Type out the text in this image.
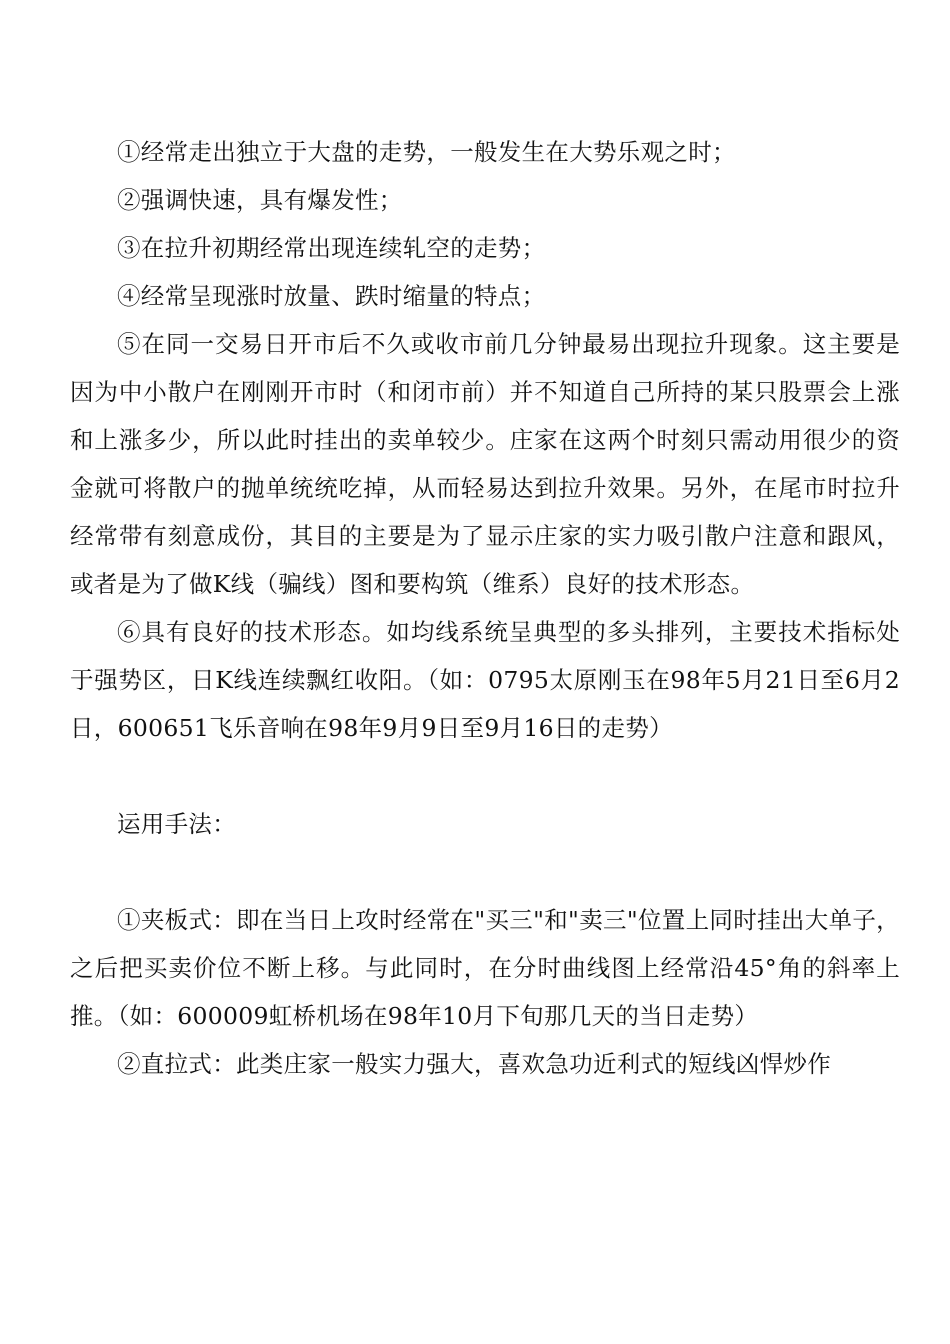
①经常走出独立于大盘的走势，一般发生在大势乐观之时；

②强调快速，具有爆发性；

③在拉升初期经常出现连续轧空的走势；

④经常呈现涨时放量、跌时缩量的特点；

⑤在同一交易日开市后不久或收市前几分钟最易出现拉升现象。这主要是因为中小散户在刚刚开市时（和闭市前）并不知道自己所持的某只股票会上涨和上涨多少，所以此时挂出的卖单较少。庄家在这两个时刻只需动用很少的资金就可将散户的抛单统统吃掉，从而轻易达到拉升效果。另外，在尾市时拉升经常带有刻意成份，其目的主要是为了显示庄家的实力吸引散户注意和跟风，或者是为了做K线（骗线）图和要构筑（维系）良好的技术形态。

⑥具有良好的技术形态。如均线系统呈典型的多头排列，主要技术指标处于强势区，日K线连续飘红收阳。（如：0795太原刚玉在98年5月21日至6月2日，600651飞乐音响在98年9月9日至9月16日的走势）

运用手法：

①夹板式：即在当日上攻时经常在"买三"和"卖三"位置上同时挂出大单子，之后把买卖价位不断上移。与此同时，在分时曲线图上经常沿45°角的斜率上推。（如：600009虹桥机场在98年10月下旬那几天的当日走势）

②直拉式：此类庄家一般实力强大，喜欢急功近利式的短线凶悍炒作
